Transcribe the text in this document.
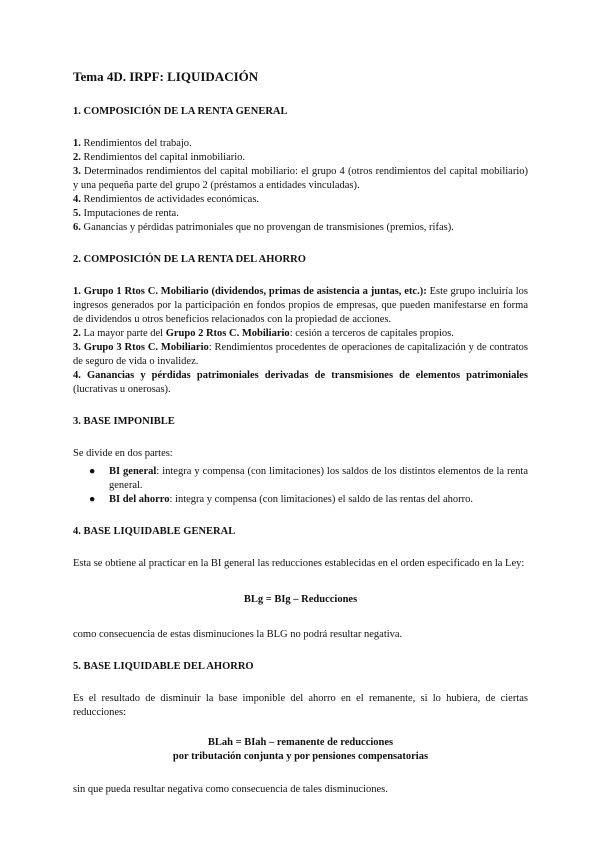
Tema 4D. IRPF: LIQUIDACIÓN
1. COMPOSICIÓN DE LA RENTA GENERAL

1. Rendimientos del trabajo.

2. Rendimientos del capital inmobiliario.

3. Determinados rendimientos del capital mobiliario: el grupo 4 (otros rendimientos del capital mobiliario) y una pequeña parte del grupo 2 (préstamos a entidades vinculadas).

4. Rendimientos de actividades económicas.

5. Imputaciones de renta.

6. Ganancias y pérdidas patrimoniales que no provengan de transmisiones (premios, rifas).

2. COMPOSICIÓN DE LA RENTA DEL AHORRO

1. Grupo 1 Rtos C. Mobiliario (dividendos, primas de asistencia a juntas, etc.): Este grupo incluiría los ingresos generados por la participación en fondos propios de empresas, que pueden manifestarse en forma de dividendos u otros beneficios relacionados con la propiedad de acciones.

2. La mayor parte del Grupo 2 Rtos C. Mobiliario: cesión a terceros de capitales propios.

3. Grupo 3 Rtos C. Mobiliario: Rendimientos procedentes de operaciones de capitalización y de contratos de seguro de vida o invalidez.

4. Ganancias y pérdidas patrimoniales derivadas de transmisiones de elementos patrimoniales (lucrativas u onerosas).

3. BASE IMPONIBLE

Se divide en dos partes:

● BI general: integra y compensa (con limitaciones) los saldos de los distintos elementos de la renta general.
● BI del ahorro: integra y compensa (con limitaciones) el saldo de las rentas del ahorro.
4. BASE LIQUIDABLE GENERAL

Esta se obtiene al practicar en la BI general las reducciones establecidas en el orden especificado en la Ley:

BLg = BIg – Reducciones

como consecuencia de estas disminuciones la BLG no podrá resultar negativa.

5. BASE LIQUIDABLE DEL AHORRO

Es el resultado de disminuir la base imponible del ahorro en el remanente, si lo hubiera, de ciertas reducciones:

BLah = BIah – remanente de reducciones

por tributación conjunta y por pensiones compensatorias

sin que pueda resultar negativa como consecuencia de tales disminuciones.
